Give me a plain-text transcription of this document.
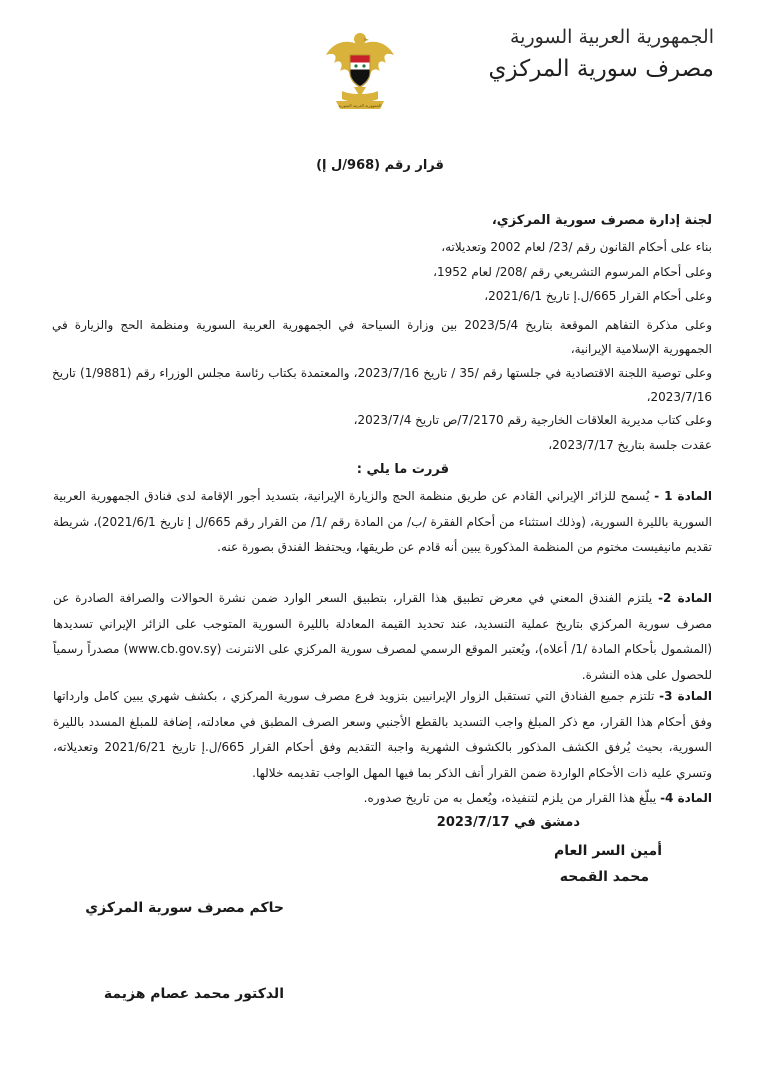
الجمهورية العربية السورية
مصرف سورية المركزي
الجمهورية العربية السورية
قرار رقم (968/ل إ)
لجنة إدارة مصرف سورية المركزي،
بناء على أحكام القانون رقم /23/ لعام 2002 وتعديلاته،
وعلى أحكام المرسوم التشريعي رقم /208/ لعام 1952،
وعلى أحكام القرار 665/ل.إ تاريخ 2021/6/1،
وعلى مذكرة التفاهم الموقعة بتاريخ 2023/5/4 بين وزارة السياحة في الجمهورية العربية السورية ومنظمة الحج والزيارة في الجمهورية الإسلامية الإيرانية،
وعلى توصية اللجنة الاقتصادية في جلستها رقم /35 / تاريخ 2023/7/16، والمعتمدة بكتاب رئاسة مجلس الوزراء رقم (1/9881) تاريخ 2023/7/16،
وعلى كتاب مديرية العلاقات الخارجية رقم 7/2170/ص تاريخ 2023/7/4،
عقدت جلسة بتاريخ 2023/7/17،
قررت ما يلي :
المادة 1 - يُسمح للزائر الإيراني القادم عن طريق منظمة الحج والزيارة الإيرانية، بتسديد أجور الإقامة لدى فنادق الجمهورية العربية السورية بالليرة السورية، (وذلك استثناء من أحكام الفقرة /ب/ من المادة رقم /1/ من القرار رقم 665/ل إ تاريخ 2021/6/1)، شريطة تقديم مانيفيست مختوم من المنظمة المذكورة يبين أنه قادم عن طريقها، ويحتفظ الفندق بصورة عنه.
المادة 2- يلتزم الفندق المعني في معرض تطبيق هذا القرار، بتطبيق السعر الوارد ضمن نشرة الحوالات والصرافة الصادرة عن مصرف سورية المركزي بتاريخ عملية التسديد، عند تحديد القيمة المعادلة بالليرة السورية المتوجب على الزائر الإيراني تسديدها (المشمول بأحكام المادة /1/ أعلاه)، ويُعتبر الموقع الرسمي لمصرف سورية المركزي على الانترنت (www.cb.gov.sy) مصدراً رسمياً للحصول على هذه النشرة.
المادة 3- تلتزم جميع الفنادق التي تستقبل الزوار الإيرانيين بتزويد فرع مصرف سورية المركزي ، بكشف شهري يبين كامل وارداتها وفق أحكام هذا القرار، مع ذكر المبلغ واجب التسديد بالقطع الأجنبي وسعر الصرف المطبق في معادلته، إضافة للمبلغ المسدد بالليرة السورية، بحيث يُرفق الكشف المذكور بالكشوف الشهرية واجبة التقديم وفق أحكام القرار 665/ل.إ تاريخ 2021/6/21 وتعديلاته، وتسري عليه ذات الأحكام الواردة ضمن القرار أنف الذكر بما فيها المهل الواجب تقديمه خلالها.
المادة 4- يبلّغ هذا القرار من يلزم لتنفيذه، ويُعمل به من تاريخ صدوره.
دمشق في 2023/7/17
أمين السر العام
محمد القمحه
حاكم مصرف سورية المركزي
الدكتور محمد عصام هزيمة
